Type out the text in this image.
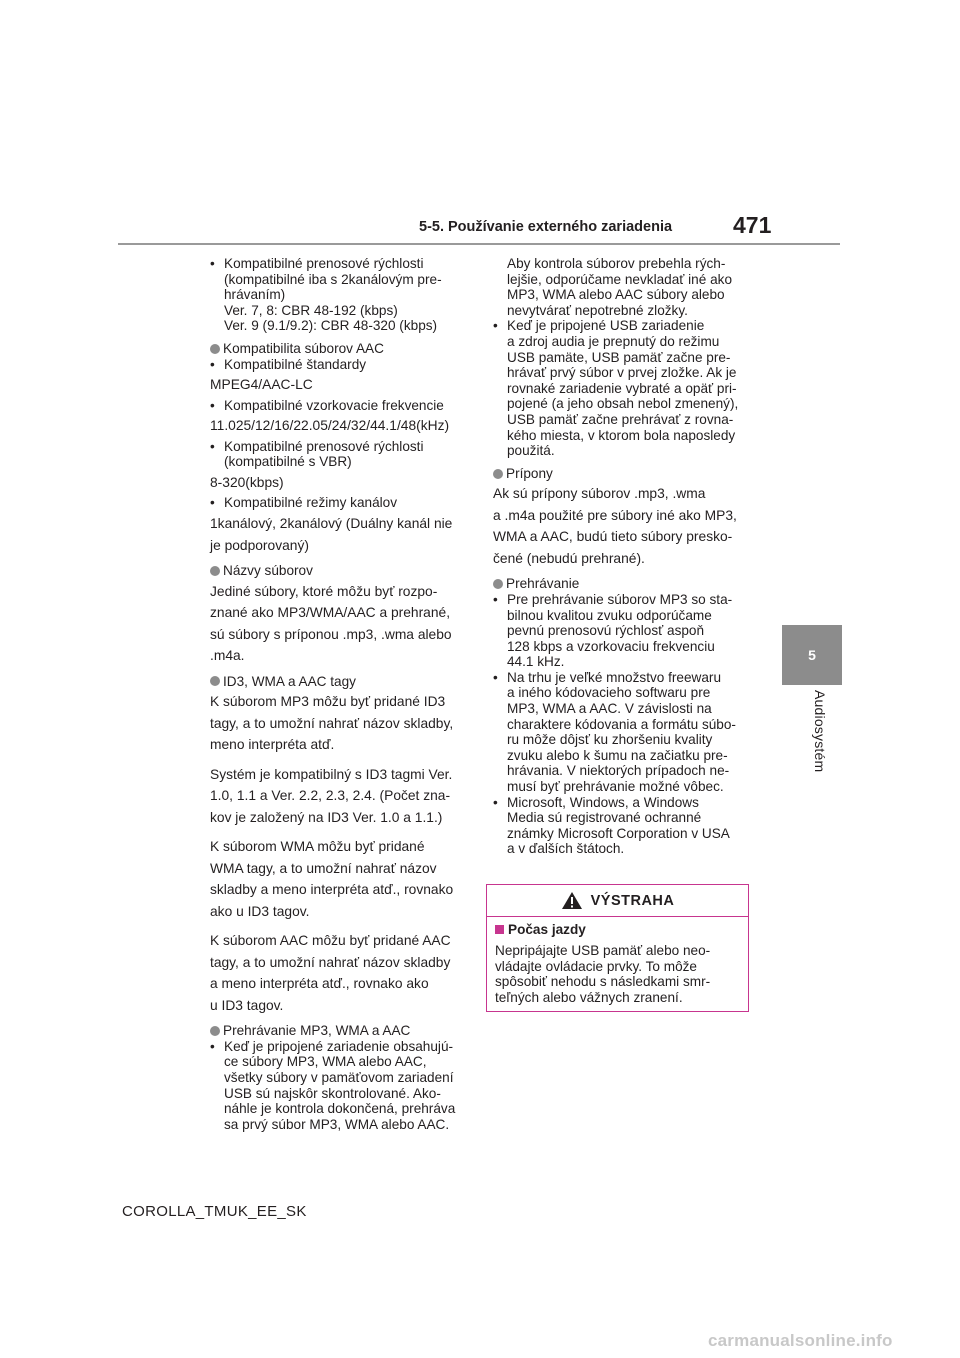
5-5. Používanie externého zariadenia	471
5
Audiosystém
• Kompatibilné prenosové rýchlosti
(kompatibilné iba s 2kanálovým pre-
hrávaním)
Ver. 7, 8: CBR 48-192 (kbps)
Ver. 9 (9.1/9.2): CBR 48-320 (kbps)
Kompatibilita súborov AAC
• Kompatibilné štandardy

MPEG4/AAC-LC

• Kompatibilné vzorkovacie frekvencie

11.025/12/16/22.05/24/32/44.1/48(kHz)

• Kompatibilné prenosové rýchlosti
(kompatibilné s VBR)

8-320(kbps)

• Kompatibilné režimy kanálov

1kanálový, 2kanálový (Duálny kanál nie
je podporovaný)

Názvy súborov

Jediné súbory, ktoré môžu byť rozpo-
znané ako MP3/WMA/AAC a prehrané,
sú súbory s príponou .mp3, .wma alebo
.m4a.

ID3, WMA a AAC tagy

K súborom MP3 môžu byť pridané ID3
tagy, a to umožní nahrať názov skladby,
meno interpréta atď.

Systém je kompatibilný s ID3 tagmi Ver.
1.0, 1.1 a Ver. 2.2, 2.3, 2.4. (Počet zna-
kov je založený na ID3 Ver. 1.0 a 1.1.)

K súborom WMA môžu byť pridané
WMA tagy, a to umožní nahrať názov
skladby a meno interpréta atď., rovnako
ako u ID3 tagov.

K súborom AAC môžu byť pridané AAC
tagy, a to umožní nahrať názov skladby
a meno interpréta atď., rovnako ako
u ID3 tagov.

Prehrávanie MP3, WMA a AAC
• Keď je pripojené zariadenie obsahujú-
ce súbory MP3, WMA alebo AAC,
všetky súbory v pamäťovom zariadení
USB sú najskôr skontrolované. Ako-
náhle je kontrola dokončená, prehráva
sa prvý súbor MP3, WMA alebo AAC.
Aby kontrola súborov prebehla rých-
lejšie, odporúčame nevkladať iné ako
MP3, WMA alebo AAC súbory alebo
nevytvárať nepotrebné zložky.
• Keď je pripojené USB zariadenie
a zdroj audia je prepnutý do režimu
USB pamäte, USB pamäť začne pre-
hrávať prvý súbor v prvej zložke. Ak je
rovnaké zariadenie vybraté a opäť pri-
pojené (a jeho obsah nebol zmenený),
USB pamäť začne prehrávať z rovna-
kého miesta, v ktorom bola naposledy
použitá.
Prípony

Ak sú prípony súborov .mp3, .wma
a .m4a použité pre súbory iné ako MP3,
WMA a AAC, budú tieto súbory presko-
čené (nebudú prehrané).

Prehrávanie
• Pre prehrávanie súborov MP3 so sta-
bilnou kvalitou zvuku odporúčame
pevnú prenosovú rýchlosť aspoň
128 kbps a vzorkovaciu frekvenciu
44.1 kHz.
• Na trhu je veľké množstvo freewaru
a iného kódovacieho softwaru pre
MP3, WMA a AAC. V závislosti na
charaktere kódovania a formátu súbo-
ru môže dôjsť ku zhoršeniu kvality
zvuku alebo k šumu na začiatku pre-
hrávania. V niektorých prípadoch ne-
musí byť prehrávanie možné vôbec.
• Microsoft, Windows, a Windows
Media sú registrované ochranné
známky Microsoft Corporation v USA
a v ďalších štátoch.
VÝSTRAHA
Počas jazdy
Nepripájajte USB pamäť alebo neo-
vládajte ovládacie prvky. To môže
spôsobiť nehodu s následkami smr-
teľných alebo vážnych zranení.
COROLLA_TMUK_EE_SK
carmanualsonline.info
